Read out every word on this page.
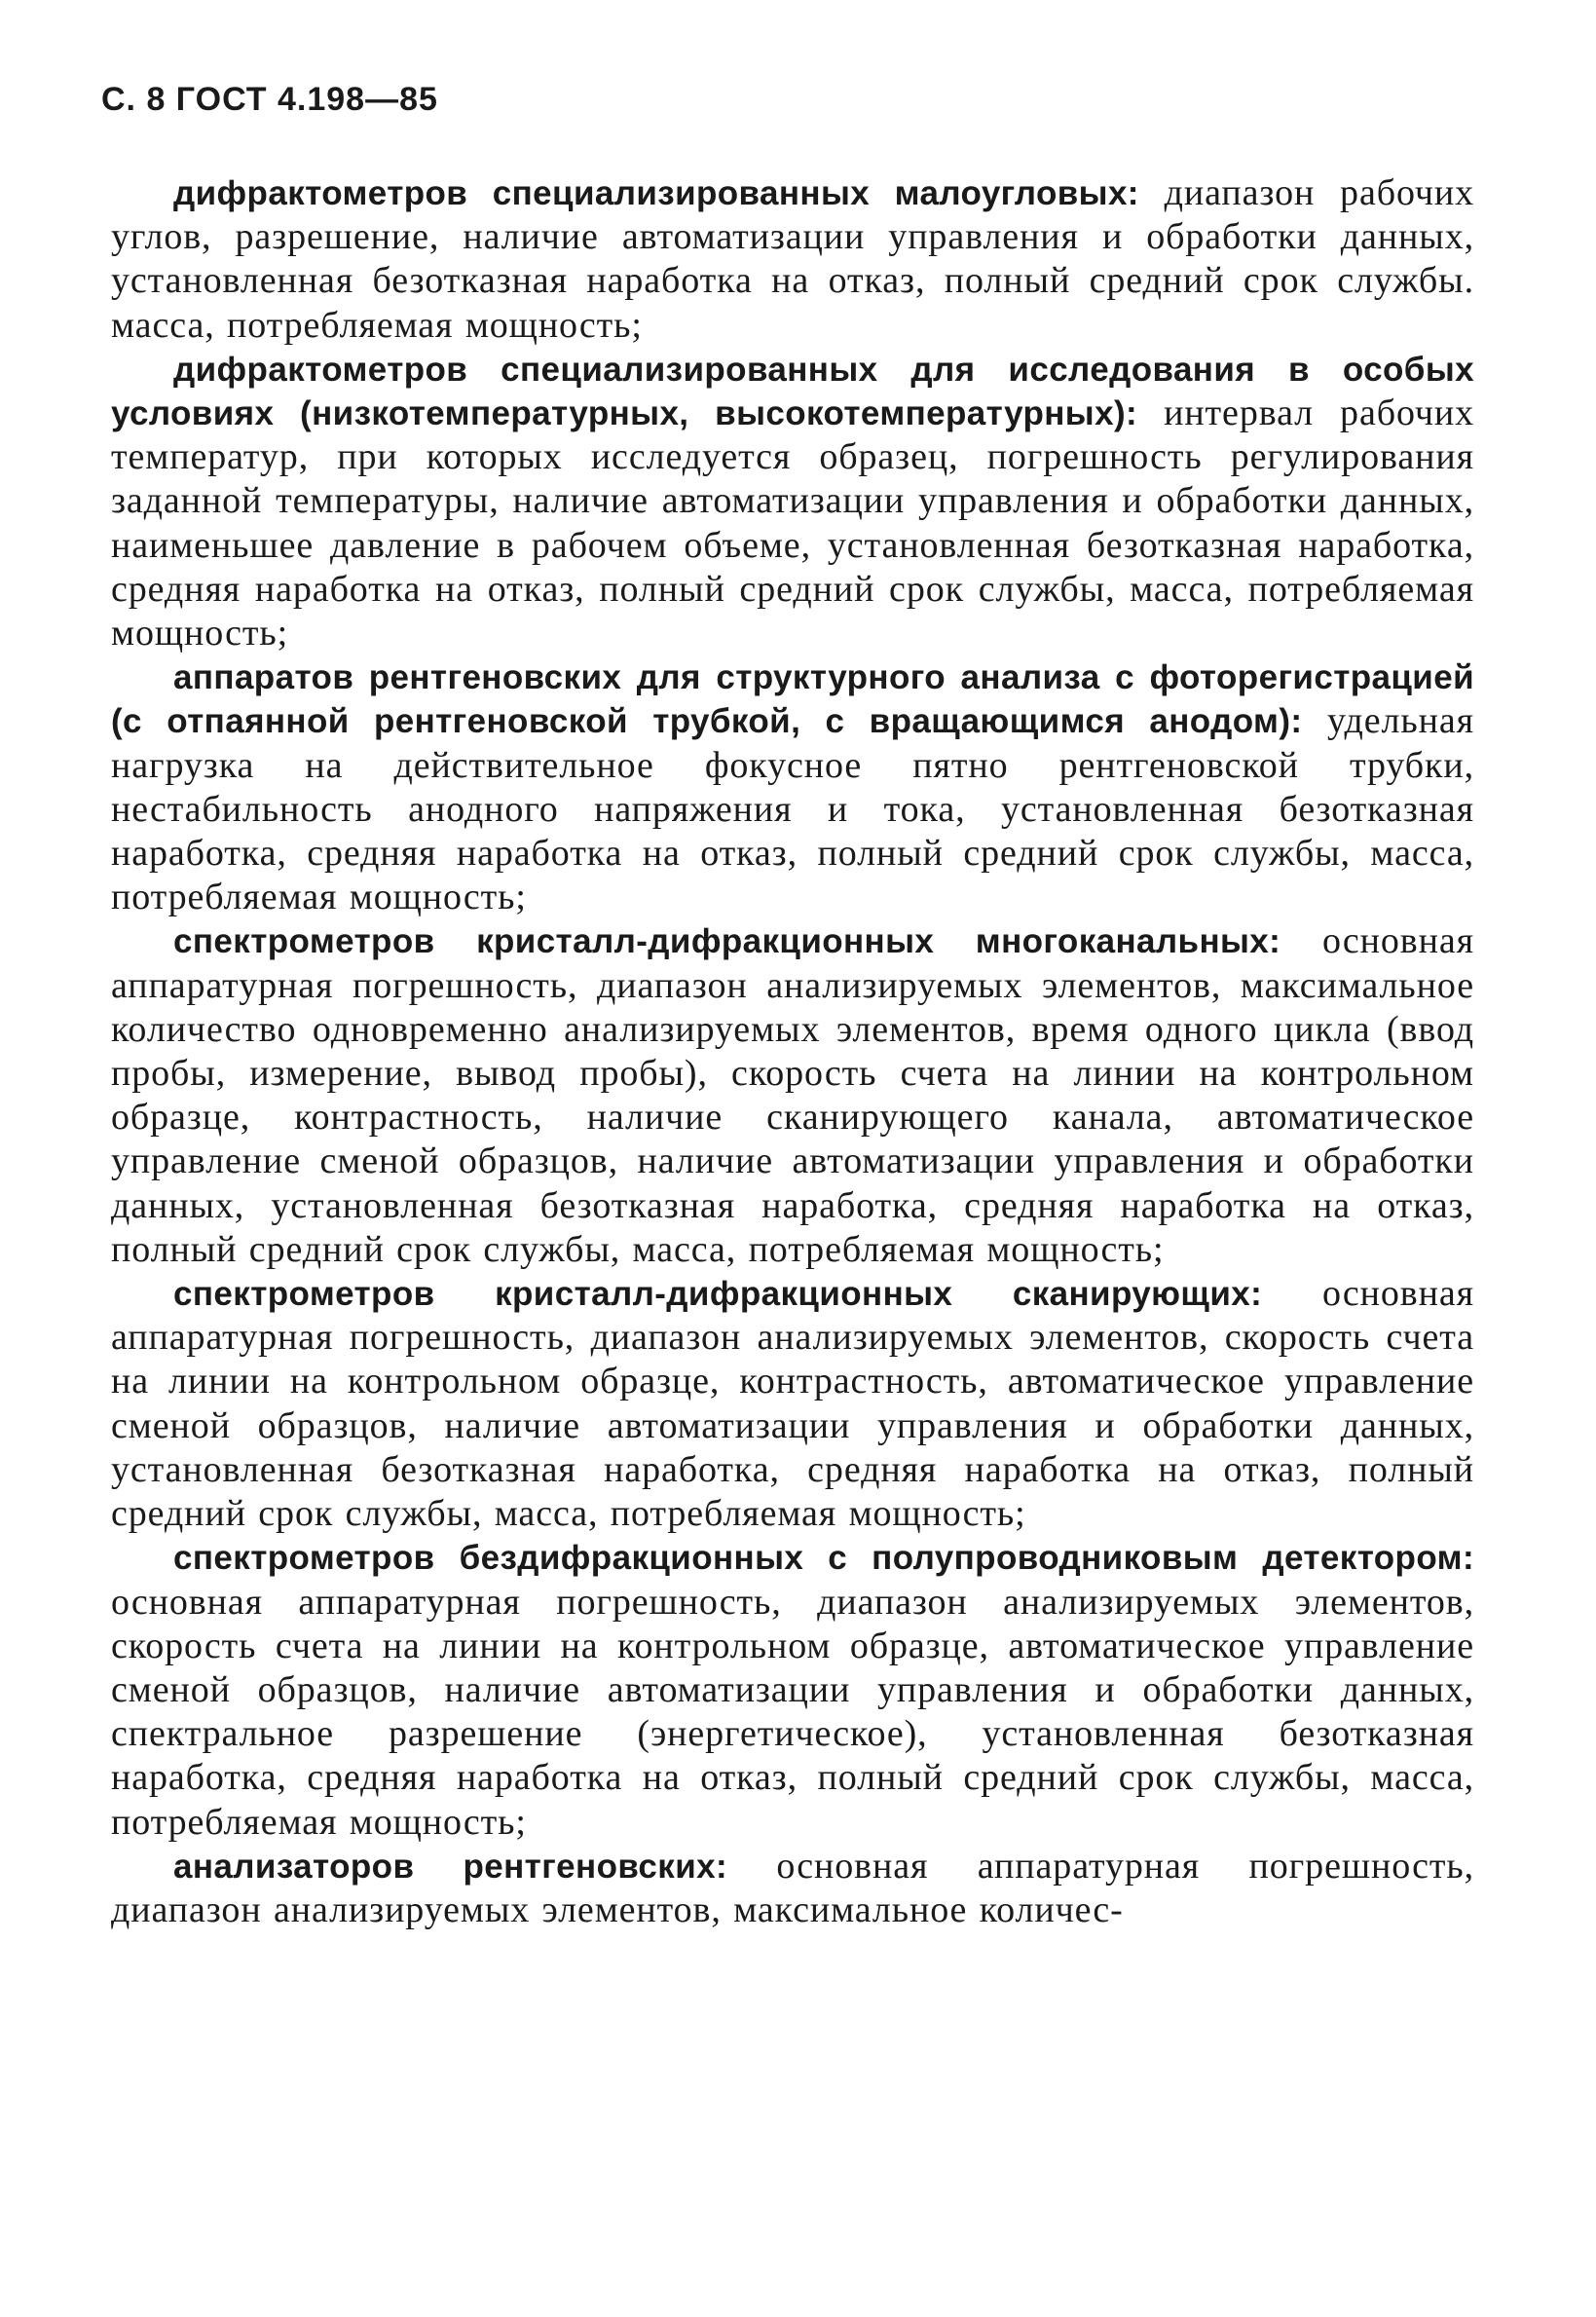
С. 8 ГОСТ 4.198—85

дифрактометров специализированных малоугловых: диапазон рабочих углов, разрешение, наличие автоматизации управления и обработки данных, установленная безотказная наработка на отказ, полный средний срок службы. масса, потребляемая мощность;

дифрактометров специализированных для исследования в особых условиях (низкотемпературных, высокотемпературных): интервал рабочих температур, при которых исследуется образец, погрешность регулирования заданной температуры, наличие автоматизации управления и обработки данных, наименьшее давление в рабочем объеме, установленная безотказная наработка, средняя наработка на отказ, полный средний срок службы, масса, потребляемая мощность;

аппаратов рентгеновских для структурного анализа с фоторегистрацией (с отпаянной рентгеновской трубкой, с вращающимся анодом): удельная нагрузка на действительное фокусное пятно рентгеновской трубки, нестабильность анодного напряжения и тока, установленная безотказная наработка, средняя наработка на отказ, полный средний срок службы, масса, потребляемая мощность;

спектрометров кристалл-дифракционных многоканальных: основная аппаратурная погрешность, диапазон анализируемых элементов, максимальное количество одновременно анализируемых элементов, время одного цикла (ввод пробы, измерение, вывод пробы), скорость счета на линии на контрольном образце, контрастность, наличие сканирующего канала, автоматическое управление сменой образцов, наличие автоматизации управления и обработки данных, установленная безотказная наработка, средняя наработка на отказ, полный средний срок службы, масса, потребляемая мощность;

спектрометров кристалл-дифракционных сканирующих: основная аппаратурная погрешность, диапазон анализируемых элементов, скорость счета на линии на контрольном образце, контрастность, автоматическое управление сменой образцов, наличие автоматизации управления и обработки данных, установленная безотказная наработка, средняя наработка на отказ, полный средний срок службы, масса, потребляемая мощность;

спектрометров бездифракционных с полупроводниковым детектором: основная аппаратурная погрешность, диапазон анализируемых элементов, скорость счета на линии на контрольном образце, автоматическое управление сменой образцов, наличие автоматизации управления и обработки данных, спектральное разрешение (энергетическое), установленная безотказная наработка, средняя наработка на отказ, полный средний срок службы, масса, потребляемая мощность;

анализаторов рентгеновских: основная аппаратурная погрешность, диапазон анализируемых элементов, максимальное количес-
